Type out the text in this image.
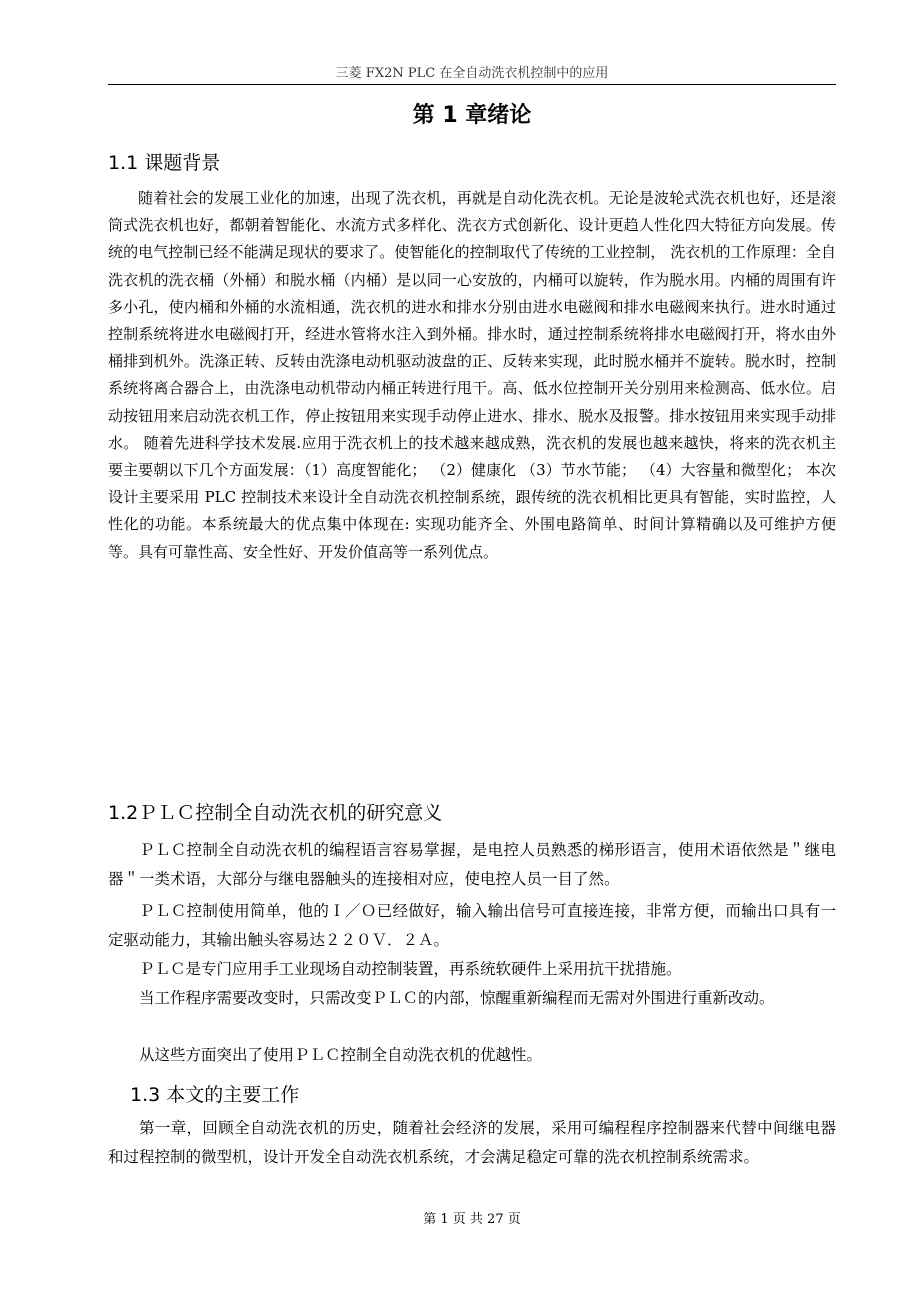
三菱 FX2N PLC 在全自动洗衣机控制中的应用
第 1 章绪论
1.1 课题背景
随着社会的发展工业化的加速，出现了洗衣机，再就是自动化洗衣机。无论是波轮式洗衣机也好，还是滚筒式洗衣机也好，都朝着智能化、水流方式多样化、洗衣方式创新化、设计更趋人性化四大特征方向发展。传统的电气控制已经不能满足现状的要求了。使智能化的控制取代了传统的工业控制， 洗衣机的工作原理：全自洗衣机的洗衣桶（外桶）和脱水桶（内桶）是以同一心安放的，内桶可以旋转，作为脱水用。内桶的周围有许多小孔，使内桶和外桶的水流相通，洗衣机的进水和排水分别由进水电磁阀和排水电磁阀来执行。进水时通过控制系统将进水电磁阀打开，经进水管将水注入到外桶。排水时，通过控制系统将排水电磁阀打开，将水由外桶排到机外。洗涤正转、反转由洗涤电动机驱动波盘的正、反转来实现，此时脱水桶并不旋转。脱水时，控制系统将离合器合上，由洗涤电动机带动内桶正转进行甩干。高、低水位控制开关分别用来检测高、低水位。启动按钮用来启动洗衣机工作，停止按钮用来实现手动停止进水、排水、脱水及报警。排水按钮用来实现手动排水。 随着先进科学技术发展.应用于洗衣机上的技术越来越成熟，洗衣机的发展也越来越快，将来的洗衣机主要主要朝以下几个方面发展：（1）高度智能化； （2）健康化 （3）节水节能； （4）大容量和微型化； 本次设计主要采用 PLC 控制技术来设计全自动洗衣机控制系统，跟传统的洗衣机相比更具有智能，实时监控，人性化的功能。本系统最大的优点集中体现在: 实现功能齐全、外围电路简单、时间计算精确以及可维护方便等。具有可靠性高、安全性好、开发价值高等一系列优点。
1.2ＰＬＣ控制全自动洗衣机的研究意义
ＰＬＣ控制全自动洗衣机的编程语言容易掌握，是电控人员熟悉的梯形语言，使用术语依然是＂继电器＂一类术语，大部分与继电器触头的连接相对应，使电控人员一目了然。
ＰＬＣ控制使用简单，他的Ｉ／Ｏ已经做好，输入输出信号可直接连接，非常方便，而输出口具有一定驱动能力，其输出触头容易达２２０Ｖ．２Ａ。
ＰＬＣ是专门应用手工业现场自动控制装置，再系统软硬件上采用抗干扰措施。
当工作程序需要改变时，只需改变ＰＬＣ的内部，惊醒重新编程而无需对外围进行重新改动。
从这些方面突出了使用ＰＬＣ控制全自动洗衣机的优越性。
1.3 本文的主要工作
第一章，回顾全自动洗衣机的历史，随着社会经济的发展，采用可编程程序控制器来代替中间继电器和过程控制的微型机，设计开发全自动洗衣机系统，才会满足稳定可靠的洗衣机控制系统需求。
第 1 页 共 27 页
